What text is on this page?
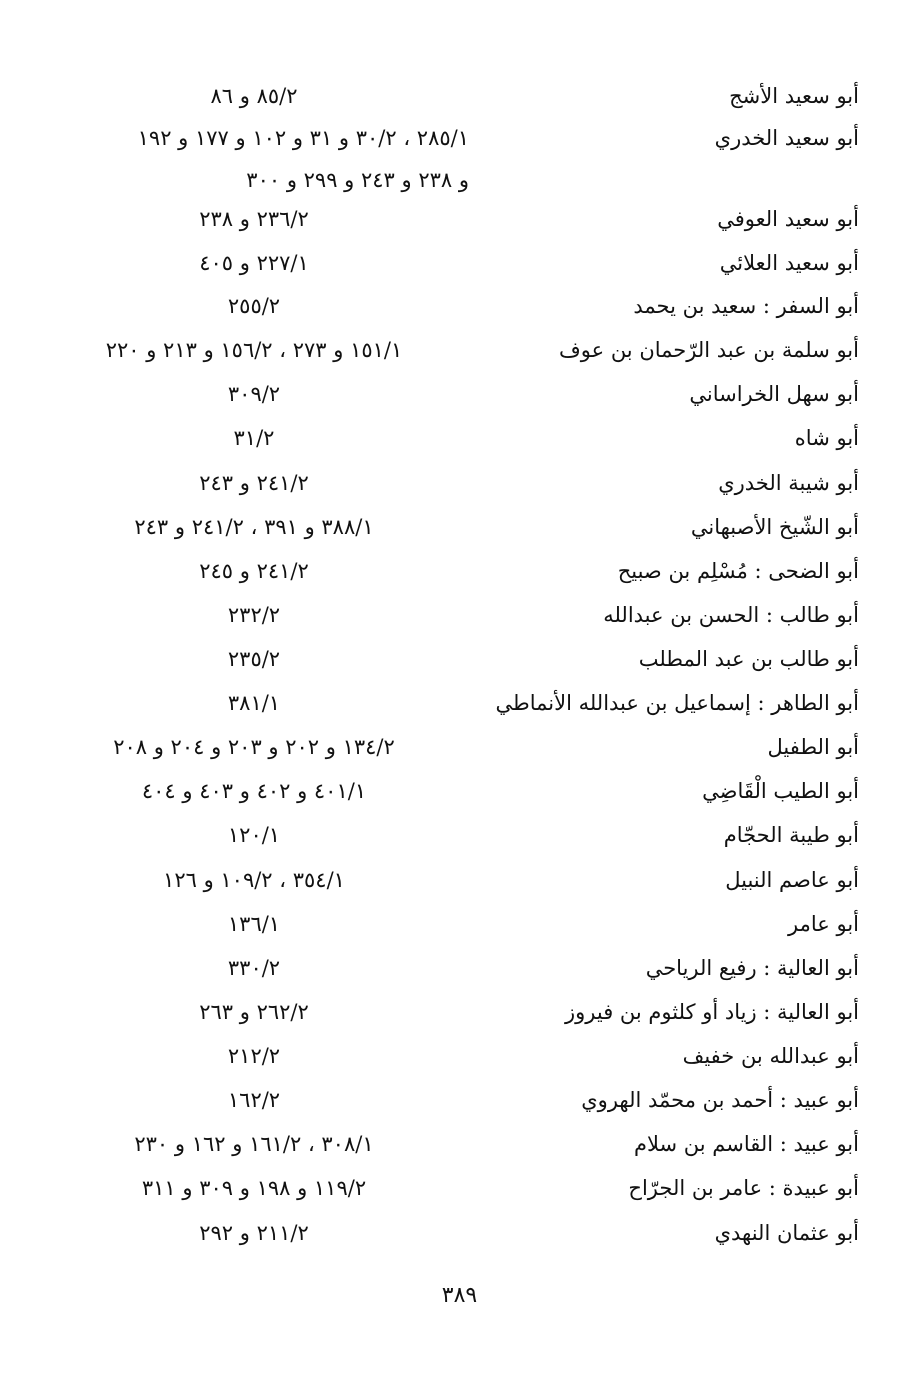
أبو سعيد الأشج
٨٥/٢ و ٨٦
أبو سعيد الخدري
٢٨٥/١ ، ٣٠/٢ و ٣١ و ١٠٢ و ١٧٧ و ١٩٢
و ٢٣٨ و ٢٤٣ و ٢٩٩ و ٣٠٠
أبو سعيد العوفي
٢٣٦/٢ و ٢٣٨
أبو سعيد العلائي
٢٢٧/١ و ٤٠٥
أبو السفر : سعيد بن يحمد
٢٥٥/٢
أبو سلمة بن عبد الرّحمان بن عوف
١٥١/١ و ٢٧٣ ، ١٥٦/٢ و ٢١٣ و ٢٢٠
أبو سهل الخراساني
٣٠٩/٢
أبو شاه
٣١/٢
أبو شيبة الخدري
٢٤١/٢ و ٢٤٣
أبو الشّيخ الأصبهاني
٣٨٨/١ و ٣٩١ ، ٢٤١/٢ و ٢٤٣
أبو الضحى : مُسْلِم بن صبيح
٢٤١/٢ و ٢٤٥
أبو طالب : الحسن بن عبدالله
٢٣٢/٢
أبو طالب بن عبد المطلب
٢٣٥/٢
أبو الطاهر : إسماعيل بن عبدالله الأنماطي
٣٨١/١
أبو الطفيل
١٣٤/٢ و ٢٠٢ و ٢٠٣ و ٢٠٤ و ٢٠٨
أبو الطيب الْقَاضِي
٤٠١/١ و ٤٠٢ و ٤٠٣ و ٤٠٤
أبو طيبة الحجّام
١٢٠/١
أبو عاصم النبيل
٣٥٤/١ ، ١٠٩/٢ و ١٢٦
أبو عامر
١٣٦/١
أبو العالية : رفيع الرياحي
٣٣٠/٢
أبو العالية : زياد أو كلثوم بن فيروز
٢٦٢/٢ و ٢٦٣
أبو عبدالله بن خفيف
٢١٢/٢
أبو عبيد : أحمد بن محمّد الهروي
١٦٢/٢
أبو عبيد : القاسم بن سلام
٣٠٨/١ ، ١٦١/٢ و ١٦٢ و ٢٣٠
أبو عبيدة : عامر بن الجرّاح
١١٩/٢ و ١٩٨ و ٣٠٩ و ٣١١
أبو عثمان النهدي
٢١١/٢ و ٢٩٢
٣٨٩
